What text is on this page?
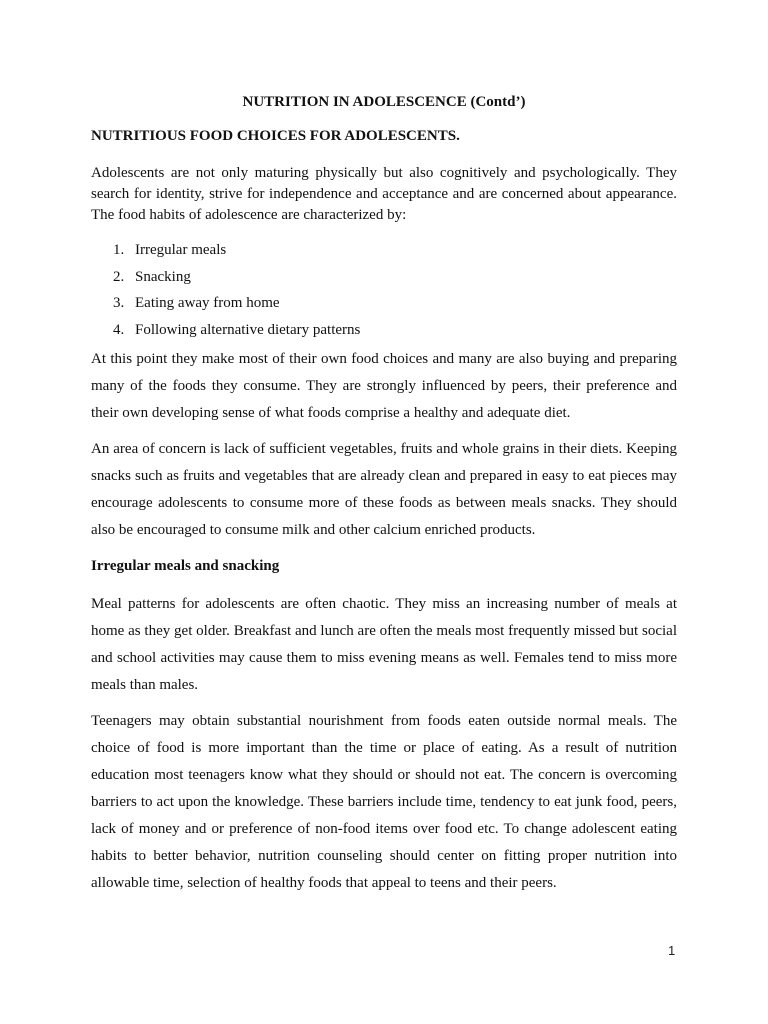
NUTRITION IN ADOLESCENCE (Contd’)
NUTRITIOUS FOOD CHOICES FOR ADOLESCENTS.

Adolescents are not only maturing physically but also cognitively and psychologically. They search for identity, strive for independence and acceptance and are concerned about appearance. The food habits of adolescence are characterized by:

1. Irregular meals
2. Snacking
3. Eating away from home
4. Following alternative dietary patterns

At this point they make most of their own food choices and many are also buying and preparing many of the foods they consume. They are strongly influenced by peers, their preference and their own developing sense of what foods comprise a healthy and adequate diet.

An area of concern is lack of sufficient vegetables, fruits and whole grains in their diets. Keeping snacks such as fruits and vegetables that are already clean and prepared in easy to eat pieces may encourage adolescents to consume more of these foods as between meals snacks. They should also be encouraged to consume milk and other calcium enriched products.

Irregular meals and snacking

Meal patterns for adolescents are often chaotic. They miss an increasing number of meals at home as they get older. Breakfast and lunch are often the meals most frequently missed but social and school activities may cause them to miss evening means as well. Females tend to miss more meals than males.

Teenagers may obtain substantial nourishment from foods eaten outside normal meals. The choice of food is more important than the time or place of eating. As a result of nutrition education most teenagers know what they should or should not eat. The concern is overcoming barriers to act upon the knowledge. These barriers include time, tendency to eat junk food, peers, lack of money and or preference of non-food items over food etc. To change adolescent eating habits to better behavior, nutrition counseling should center on fitting proper nutrition into allowable time, selection of healthy foods that appeal to teens and their peers.

1
